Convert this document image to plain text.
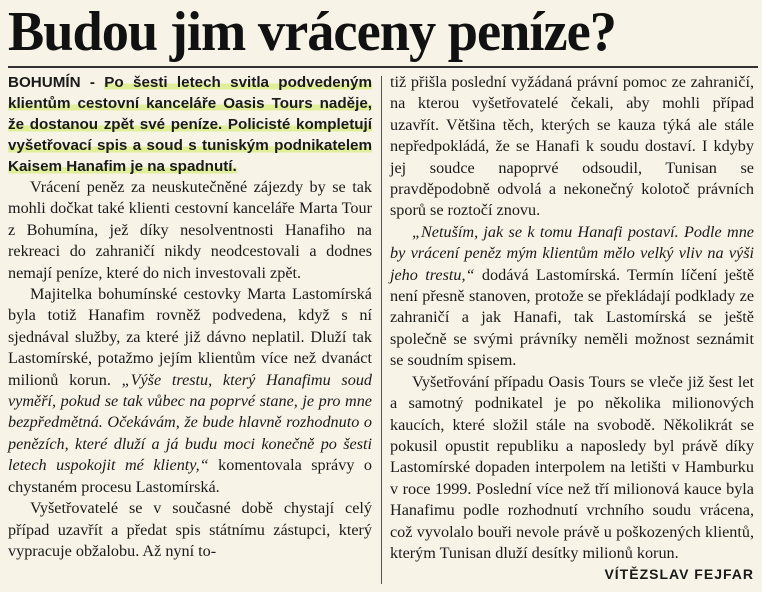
Budou jim vráceny peníze?

BOHUMÍN - Po šesti letech svitla podvedeným klientům cestovní kanceláře Oasis Tours naděje, že dostanou zpět své peníze. Policisté kompletují vyšetřovací spis a soud s tuniským podnikatelem Kaisem Hanafim je na spadnutí.

Vrácení peněz za neuskutečněné zájezdy by se tak mohli dočkat také klienti cestovní kanceláře Marta Tour z Bohumína, jež díky nesolventnosti Hanafiho na rekreaci do zahraničí nikdy neodcestovali a dodnes nemají peníze, které do nich investovali zpět.

Majitelka bohumínské cestovky Marta Lastomírská byla totiž Hanafim rovněž podvedena, když s ní sjednával služby, za které již dávno neplatil. Dluží tak Lastomírské, potažmo jejím klientům více než dvanáct milionů korun. „Výše trestu, který Hanafimu soud vyměří, pokud se tak vůbec na poprvé stane, je pro mne bezpředmětná. Očekávám, že bude hlavně rozhodnuto o penězích, které dluží a já budu moci konečně po šesti letech uspokojit mé klienty,“ komentovala správy o chystaném procesu Lastomírská.

Vyšetřovatelé se v současné době chystají celý případ uzavřít a předat spis státnímu zástupci, který vypracuje obžalobu. Až nyní to-

tiž přišla poslední vyžádaná právní pomoc ze zahraničí, na kterou vyšetřovatelé čekali, aby mohli případ uzavřít. Většina těch, kterých se kauza týká ale stále nepředpokládá, že se Hanafi k soudu dostaví. I kdyby jej soudce napoprvé odsoudil, Tunisan se pravděpodobně odvolá a nekonečný kolotoč právních sporů se roztočí znovu.

„Netuším, jak se k tomu Hanafi postaví. Podle mne by vrácení peněz mým klientům mělo velký vliv na výši jeho trestu,“ dodává Lastomírská. Termín líčení ještě není přesně stanoven, protože se překládají podklady ze zahraničí a jak Hanafi, tak Lastomírská se ještě společně se svými právníky neměli možnost seznámit se soudním spisem.

Vyšetřování případu Oasis Tours se vleče již šest let a samotný podnikatel je po několika milionových kaucích, které složil stále na svobodě. Několikrát se pokusil opustit republiku a naposledy byl právě díky Lastomírské dopaden interpolem na letišti v Hamburku v roce 1999. Poslední více než tří milionová kauce byla Hanafimu podle rozhodnutí vrchního soudu vrácena, což vyvolalo bouři nevole právě u poškozených klientů, kterým Tunisan dluží desítky milionů korun.
VÍTĚZSLAV FEJFAR
